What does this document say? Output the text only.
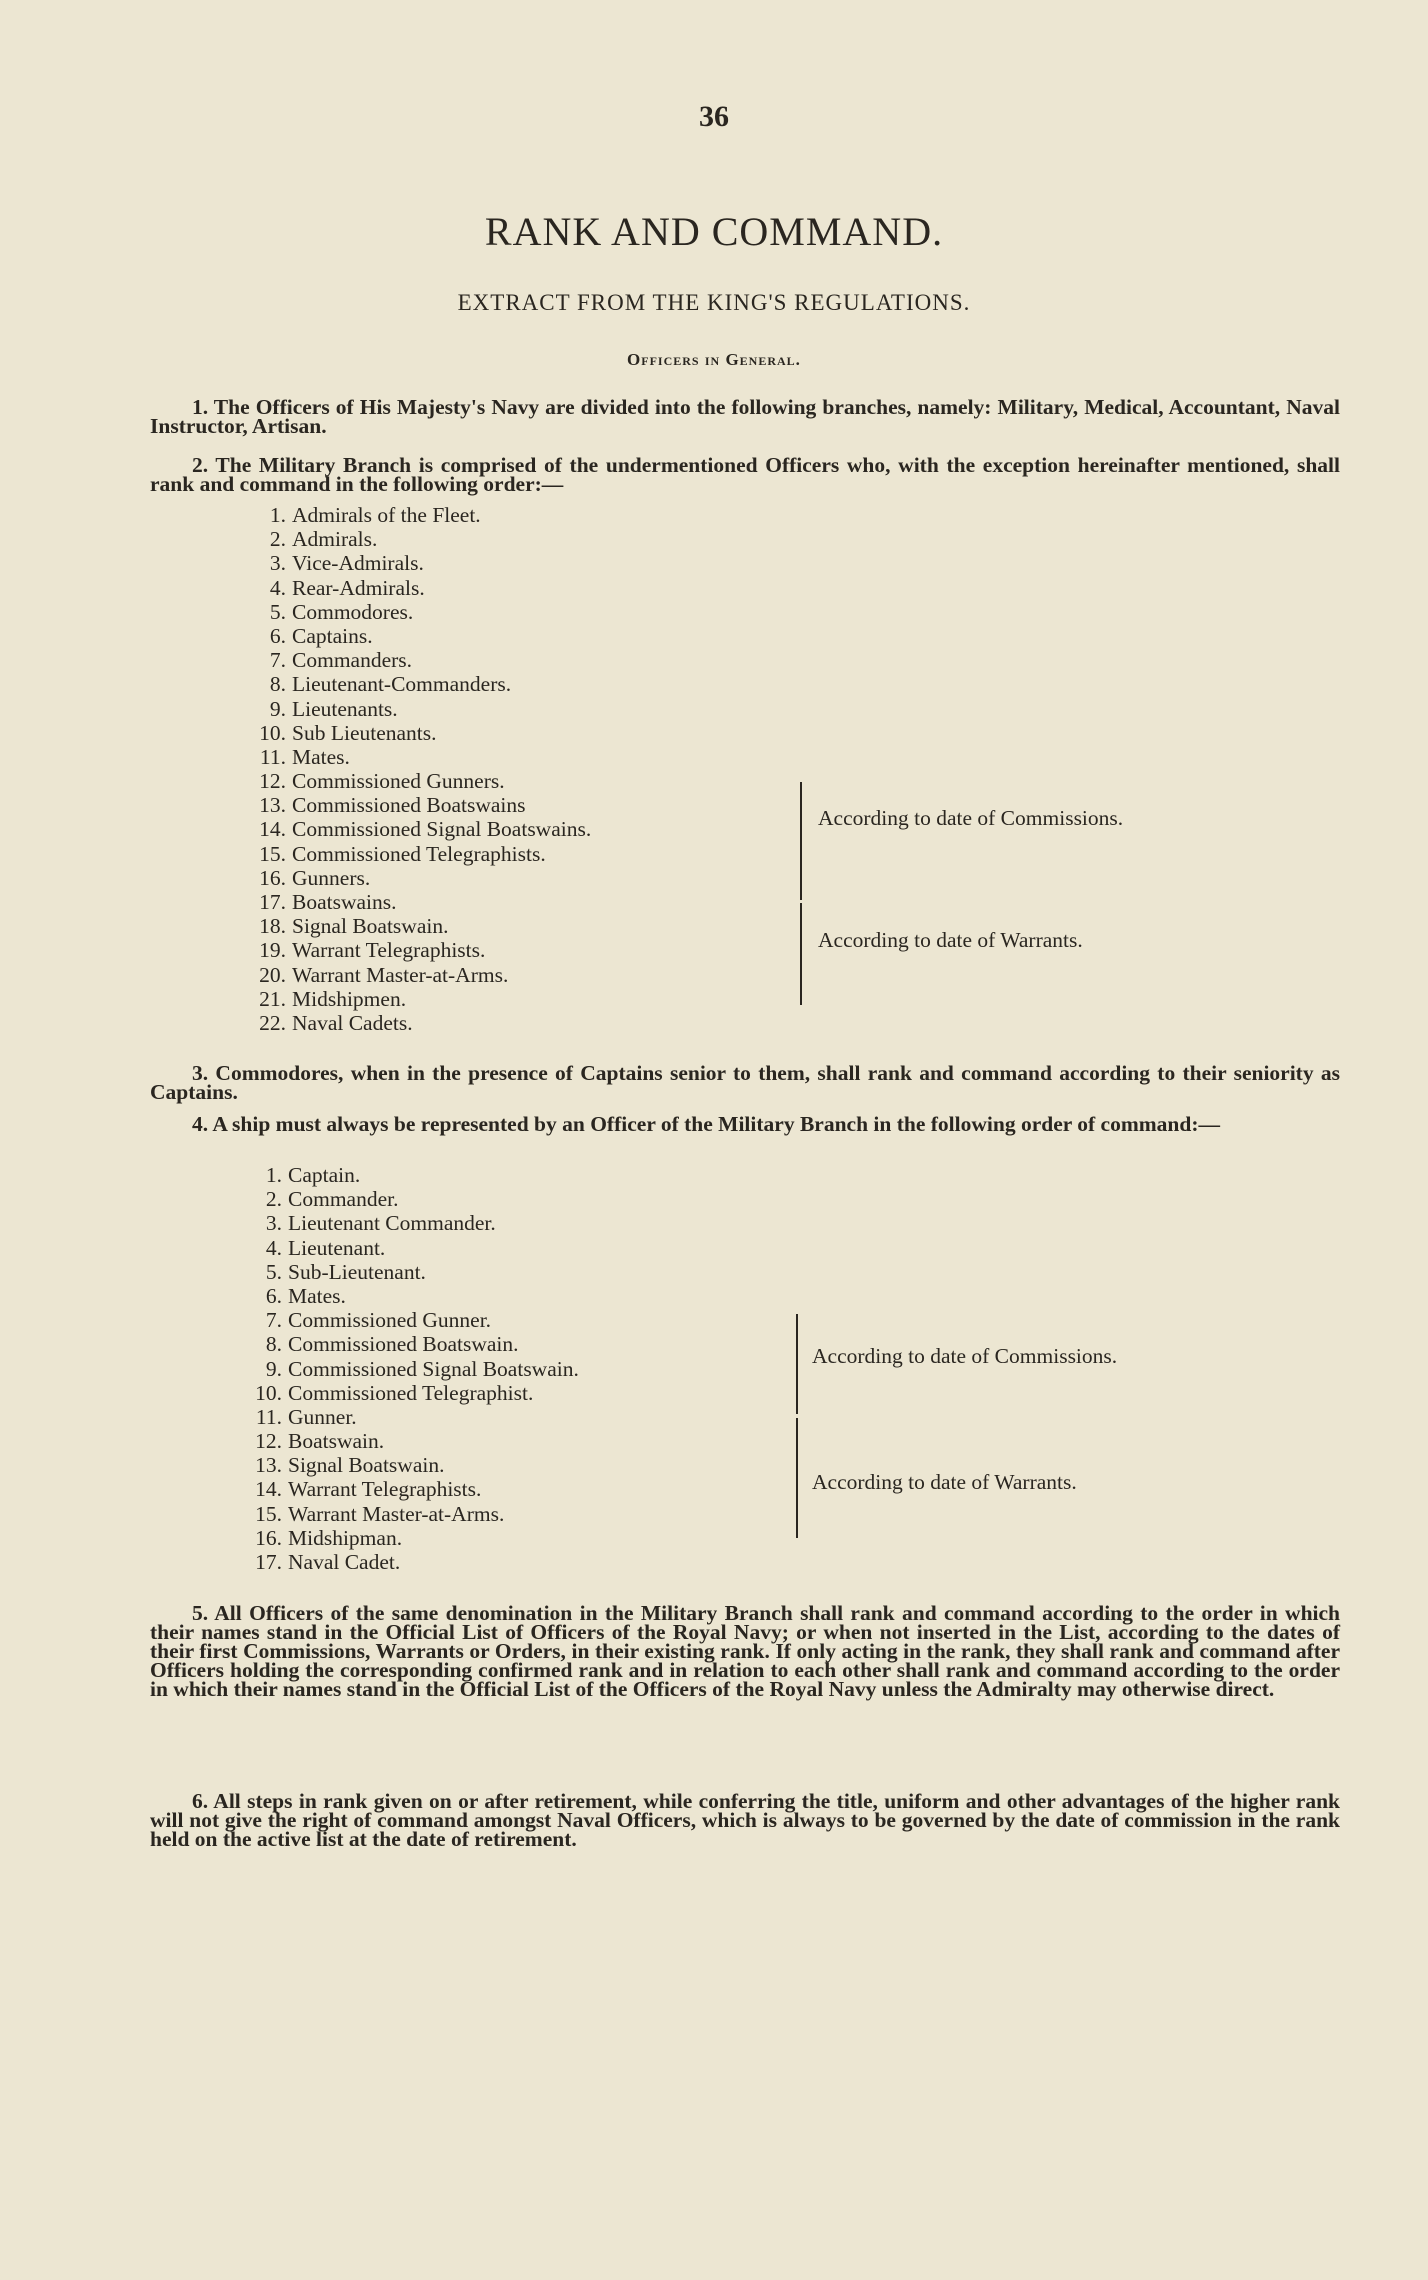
36
RANK AND COMMAND.
EXTRACT FROM THE KING'S REGULATIONS.
Officers in General.
1. The Officers of His Majesty's Navy are divided into the following branches, namely: Military, Medical, Accountant, Naval Instructor, Artisan.
2. The Military Branch is comprised of the undermentioned Officers who, with the exception hereinafter mentioned, shall rank and command in the following order:—
1. Admirals of the Fleet.
2. Admirals.
3. Vice-Admirals.
4. Rear-Admirals.
5. Commodores.
6. Captains.
7. Commanders.
8. Lieutenant-Commanders.
9. Lieutenants.
10. Sub Lieutenants.
11. Mates.
12. Commissioned Gunners.
13. Commissioned Boatswains
14. Commissioned Signal Boatswains.
15. Commissioned Telegraphists.
16. Gunners.
17. Boatswains.
18. Signal Boatswain.
19. Warrant Telegraphists.
20. Warrant Master-at-Arms.
21. Midshipmen.
22. Naval Cadets.
According to date of Commissions.
According to date of Warrants.
3. Commodores, when in the presence of Captains senior to them, shall rank and command according to their seniority as Captains.
4. A ship must always be represented by an Officer of the Military Branch in the following order of command:—
1. Captain.
2. Commander.
3. Lieutenant Commander.
4. Lieutenant.
5. Sub-Lieutenant.
6. Mates.
7. Commissioned Gunner.
8. Commissioned Boatswain.
9. Commissioned Signal Boatswain.
10. Commissioned Telegraphist.
11. Gunner.
12. Boatswain.
13. Signal Boatswain.
14. Warrant Telegraphists.
15. Warrant Master-at-Arms.
16. Midshipman.
17. Naval Cadet.
According to date of Commissions.
According to date of Warrants.
5. All Officers of the same denomination in the Military Branch shall rank and command according to the order in which their names stand in the Official List of Officers of the Royal Navy; or when not inserted in the List, according to the dates of their first Commissions, Warrants or Orders, in their existing rank. If only acting in the rank, they shall rank and command after Officers holding the corresponding confirmed rank and in relation to each other shall rank and command according to the order in which their names stand in the Official List of the Officers of the Royal Navy unless the Admiralty may otherwise direct.
6. All steps in rank given on or after retirement, while conferring the title, uniform and other advantages of the higher rank will not give the right of command amongst Naval Officers, which is always to be governed by the date of commission in the rank held on the active list at the date of retirement.
